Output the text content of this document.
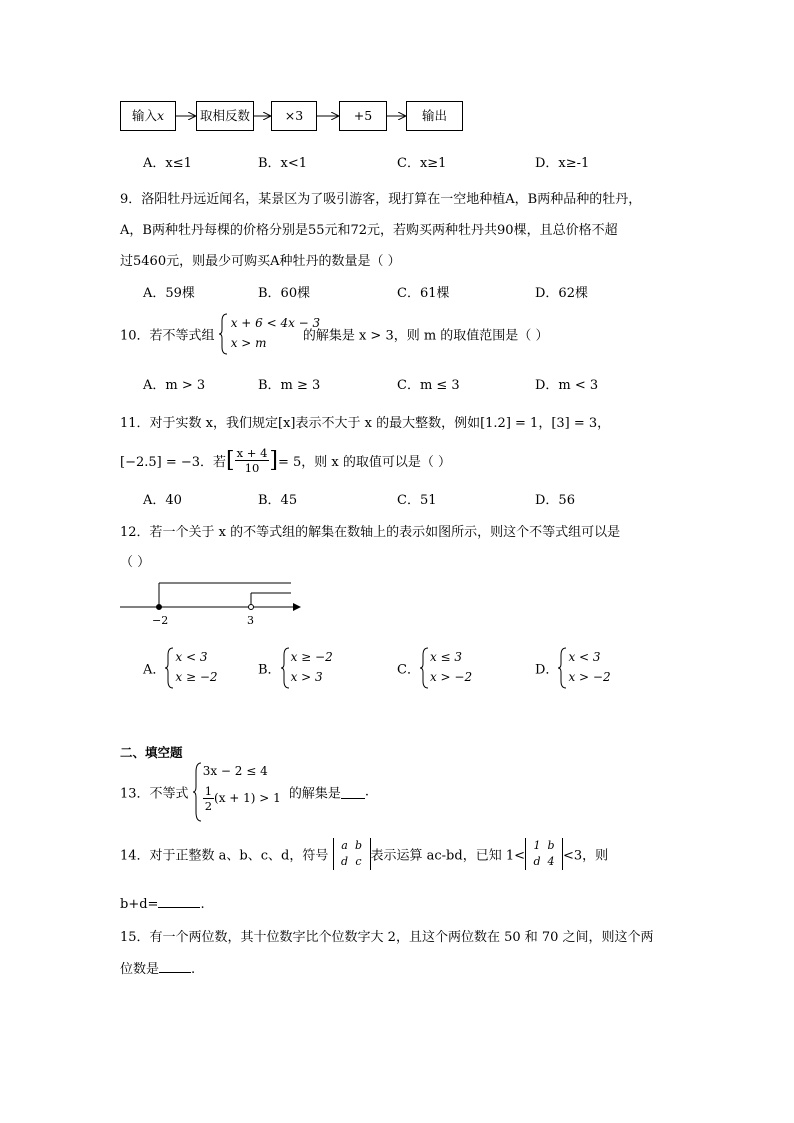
输入x	取相反数	×3	+5	输出
A．x≤1	B．x<1	C．x≥1	D．x≥-1
9．洛阳牡丹远近闻名，某景区为了吸引游客，现打算在一空地种植A，B两种品种的牡丹，
A，B两种牡丹每棵的价格分别是55元和72元，若购买两种牡丹共90棵，且总价格不超
过5460元，则最少可购买A种牡丹的数量是（ ）
A．59棵	B．60棵	C．61棵	D．62棵
10．若不等式组
x + 6 < 4x − 3
x > m	的解集是 x > 3，则 m 的取值范围是（ ）
A．m > 3	B．m ≥ 3	C．m ≤ 3	D．m < 3
11．对于实数 x，我们规定[x]表示不大于 x 的最大整数，例如[1.2] = 1，[3] = 3，
[−2.5] = −3．若[ $\frac{x + 4}{10}$ ]= 5，则 x 的取值可以是（ ）
A．40	B．45	C．51	D．56
12．若一个关于 x 的不等式组的解集在数轴上的表示如图所示，则这个不等式组可以是
（ ）
−2	3
A．
x < 3
x ≥ −2	B．
x ≥ −2
x > 3	C．
x ≤ 3
x > −2	D．
x < 3
x > −2
二、填空题
13．不等式
3x − 2 ≤ 4
$\frac{1}{2} (x + 1) > 1$ 的解集是 .
14．对于正整数 a、b、c、d，符号 a b
d c 表示运算 ac-bd，已知 1<1 b
d 4 <3，则
b+d=	.
15．有一个两位数，其十位数字比个位数字大 2，且这个两位数在 50 和 70 之间，则这个两
位数是 .
